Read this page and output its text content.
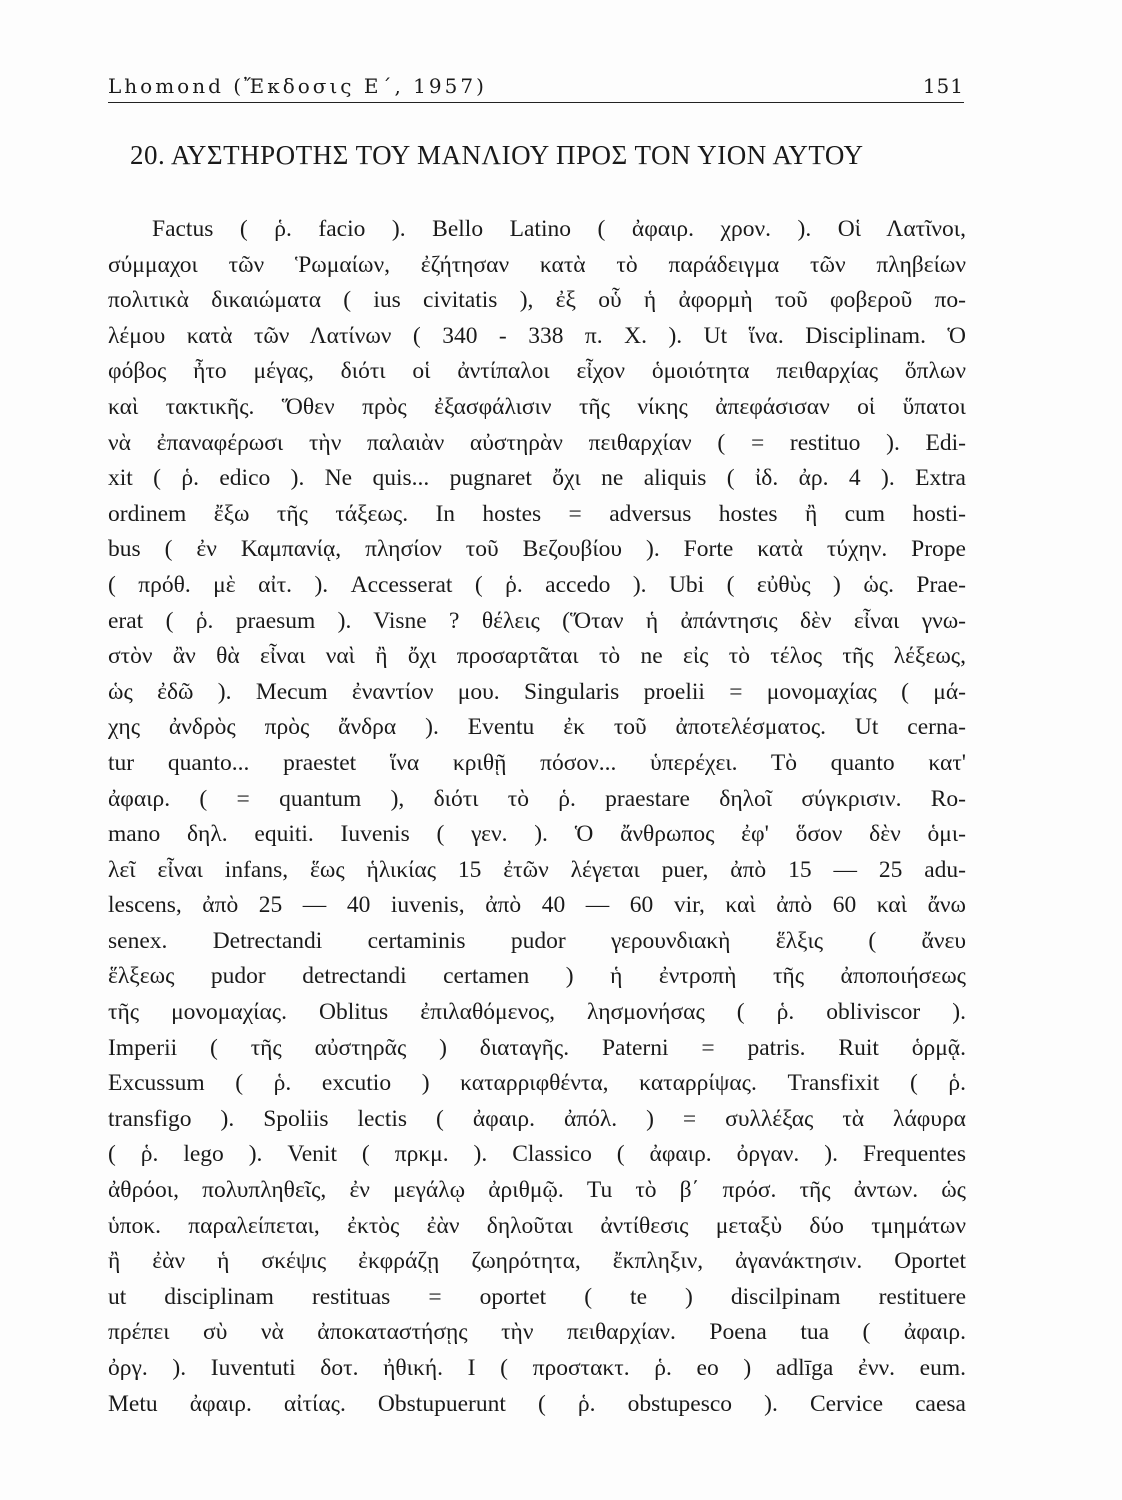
Lhomond (Ἔκδοσις Ε΄, 1957)	151
20. ΑΥΣΤΗΡΟΤΗΣ ΤΟΥ ΜΑΝΛΙΟΥ ΠΡΟΣ ΤΟΝ ΥΙΟΝ ΑΥΤΟΥ
Factus ( ῥ. facio ). Bello Latino ( ἀφαιρ. χρον. ). Οἱ Λατῖνοι,
σύμμαχοι τῶν Ῥωμαίων, ἐζήτησαν κατὰ τὸ παράδειγμα τῶν πληβείων
πολιτικὰ δικαιώματα ( ius civitatis ), ἐξ οὗ ἡ ἀφορμὴ τοῦ φοβεροῦ πο-
λέμου κατὰ τῶν Λατίνων ( 340 - 338 π. Χ. ). Ut ἵνα. Disciplinam. Ὁ
φόβος ἦτο μέγας, διότι οἱ ἀντίπαλοι εἶχον ὁμοιότητα πειθαρχίας ὅπλων
καὶ τακτικῆς. Ὅθεν πρὸς ἐξασφάλισιν τῆς νίκης ἀπεφάσισαν οἱ ὕπατοι
νὰ ἐπαναφέρωσι τὴν παλαιὰν αὐστηρὰν πειθαρχίαν ( = restituo ). Edi-
xit ( ῥ. edico ). Ne quis... pugnaret ὄχι ne aliquis ( ἰδ. ἀρ. 4 ). Extra
ordinem ἔξω τῆς τάξεως. In hostes = adversus hostes ἢ cum hosti-
bus ( ἐν Καμπανίᾳ, πλησίον τοῦ Βεζουβίου ). Forte κατὰ τύχην. Prope
( πρόθ. μὲ αἰτ. ). Accesserat ( ῥ. accedo ). Ubi ( εὐθὺς ) ὡς. Prae-
erat ( ῥ. praesum ). Visne ? θέλεις (Ὅταν ἡ ἀπάντησις δὲν εἶναι γνω-
στὸν ἂν θὰ εἶναι ναὶ ἢ ὄχι προσαρτᾶται τὸ ne εἰς τὸ τέλος τῆς λέξεως,
ὡς ἐδῶ ). Mecum ἐναντίον μου. Singularis proelii = μονομαχίας ( μά-
χης ἀνδρὸς πρὸς ἄνδρα ). Eventu ἐκ τοῦ ἀποτελέσματος. Ut cerna-
tur quanto... praestet ἵνα κριθῇ πόσον... ὑπερέχει. Τὸ quanto κατ'
ἀφαιρ. ( = quantum ), διότι τὸ ῥ. praestare δηλοῖ σύγκρισιν. Ro-
mano δηλ. equiti. Iuvenis ( γεν. ). Ὁ ἄνθρωπος ἐφ' ὅσον δὲν ὁμι-
λεῖ εἶναι infans, ἕως ἡλικίας 15 ἐτῶν λέγεται puer, ἀπὸ 15 — 25 adu-
lescens, ἀπὸ 25 — 40 iuvenis, ἀπὸ 40 — 60 vir, καὶ ἀπὸ 60 καὶ ἄνω
senex. Detrectandi certaminis pudor γερουνδιακὴ ἕλξις ( ἄνευ
ἕλξεως pudor detrectandi certamen ) ἡ ἐντροπὴ τῆς ἀποποιήσεως
τῆς μονομαχίας. Oblitus ἐπιλαθόμενος, λησμονήσας ( ῥ. obliviscor ).
Imperii ( τῆς αὐστηρᾶς ) διαταγῆς. Paterni = patris. Ruit ὁρμᾷ.
Excussum ( ῥ. excutio ) καταρριφθέντα, καταρρίψας. Transfixit ( ῥ.
transfigo ). Spoliis lectis ( ἀφαιρ. ἀπόλ. ) = συλλέξας τὰ λάφυρα
( ῥ. lego ). Venit ( πρκμ. ). Classico ( ἀφαιρ. ὀργαν. ). Frequentes
ἀθρόοι, πολυπληθεῖς, ἐν μεγάλῳ ἀριθμῷ. Tu τὸ β΄ πρόσ. τῆς ἀντων. ὡς
ὑποκ. παραλείπεται, ἐκτὸς ἐὰν δηλοῦται ἀντίθεσις μεταξὺ δύο τμημάτων
ἢ ἐὰν ἡ σκέψις ἐκφράζῃ ζωηρότητα, ἔκπληξιν, ἀγανάκτησιν. Oportet
ut disciplinam restituas = oportet ( te ) discilpinam restituere
πρέπει σὺ νὰ ἀποκαταστήσῃς τὴν πειθαρχίαν. Poena tua ( ἀφαιρ.
ὀργ. ). Iuventuti δοτ. ἠθική. I ( προστακτ. ῥ. eo ) adlīga ἐνν. eum.
Metu ἀφαιρ. αἰτίας. Obstupuerunt ( ῥ. obstupesco ). Cervice caesa
